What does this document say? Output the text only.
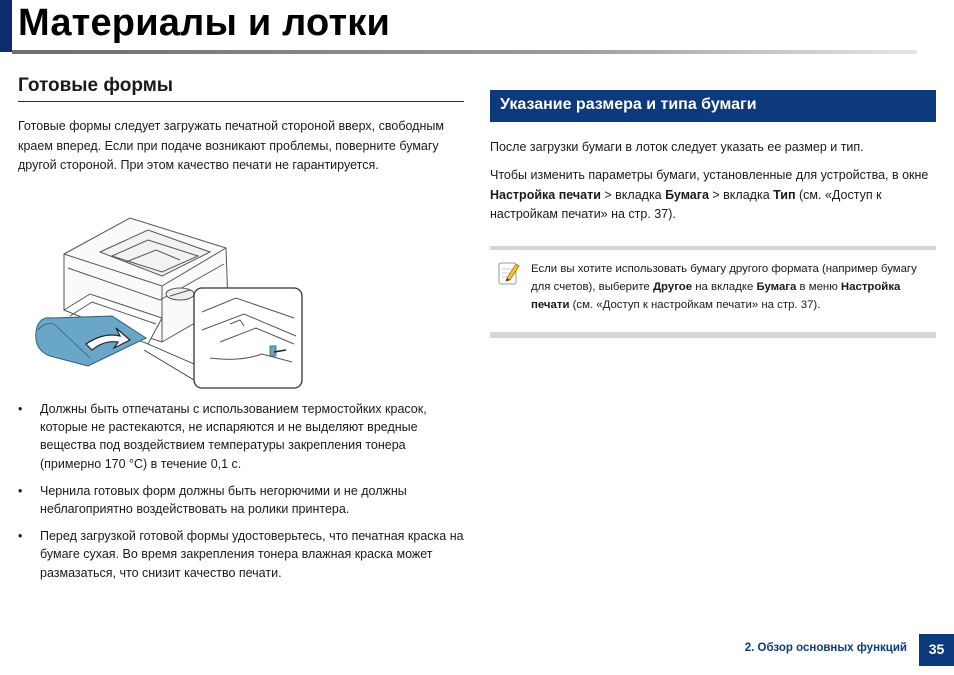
Материалы и лотки
Готовые формы

Готовые формы следует загружать печатной стороной вверх, свободным краем вперед. Если при подаче возникают проблемы, поверните бумагу другой стороной. При этом качество печати не гарантируется.

• Должны быть отпечатаны с использованием термостойких красок, которые не растекаются, не испаряются и не выделяют вредные вещества под воздействием температуры закрепления тонера (примерно 170 °C) в течение 0,1 с.
• Чернила готовых форм должны быть негорючими и не должны неблагоприятно воздействовать на ролики принтера.
• Перед загрузкой готовой формы удостоверьтесь, что печатная краска на бумаге сухая. Во время закрепления тонера влажная краска может размазаться, что снизит качество печати.
Указание размера и типа бумаги

После загрузки бумаги в лоток следует указать ее размер и тип.

Чтобы изменить параметры бумаги, установленные для устройства, в окне Настройка печати > вкладка Бумага > вкладка Тип (см. «Доступ к настройкам печати» на стр. 37).

Если вы хотите использовать бумагу другого формата (например бумагу для счетов), выберите Другое на вкладке Бумага в меню Настройка печати (см. «Доступ к настройкам печати» на стр. 37).

2. Обзор основных функций	35
